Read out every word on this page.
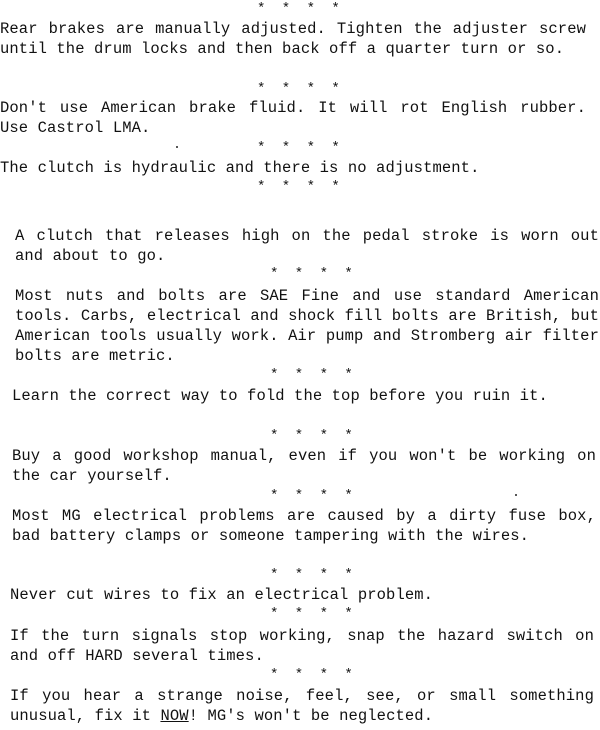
* * * *
Rear brakes are manually adjusted. Tighten the adjuster screw until the drum locks and then back off a quarter turn or so.
* * * *
Don't use American brake fluid. It will rot English rubber. Use Castrol LMA.
* * * *
The clutch is hydraulic and there is no adjustment.
* * * *
A clutch that releases high on the pedal stroke is worn out and about to go.
* * * *
Most nuts and bolts are SAE Fine and use standard American tools. Carbs, electrical and shock fill bolts are British, but American tools usually work. Air pump and Stromberg air filter bolts are metric.
* * * *
Learn the correct way to fold the top before you ruin it.
* * * *
Buy a good workshop manual, even if you won't be working on the car yourself.
* * * *
Most MG electrical problems are caused by a dirty fuse box, bad battery clamps or someone tampering with the wires.
* * * *
Never cut wires to fix an electrical problem.
* * * *
If the turn signals stop working, snap the hazard switch on and off HARD several times.
* * * *
If you hear a strange noise, feel, see, or small something unusual, fix it NOW! MG's won't be neglected.
